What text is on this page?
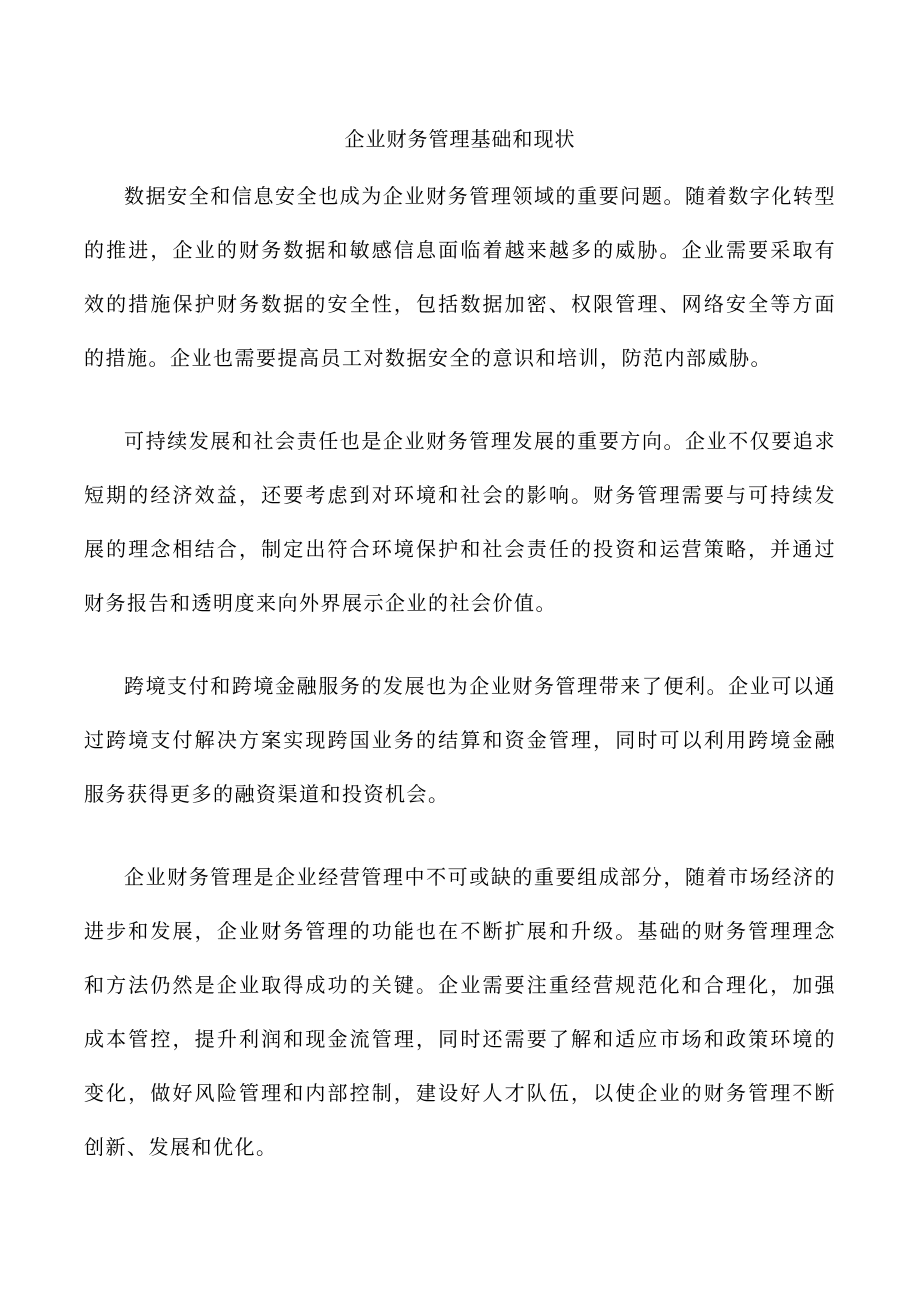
企业财务管理基础和现状

数据安全和信息安全也成为企业财务管理领域的重要问题。随着数字化转型的推进，企业的财务数据和敏感信息面临着越来越多的威胁。企业需要采取有效的措施保护财务数据的安全性，包括数据加密、权限管理、网络安全等方面的措施。企业也需要提高员工对数据安全的意识和培训，防范内部威胁。

可持续发展和社会责任也是企业财务管理发展的重要方向。企业不仅要追求短期的经济效益，还要考虑到对环境和社会的影响。财务管理需要与可持续发展的理念相结合，制定出符合环境保护和社会责任的投资和运营策略，并通过财务报告和透明度来向外界展示企业的社会价值。

跨境支付和跨境金融服务的发展也为企业财务管理带来了便利。企业可以通过跨境支付解决方案实现跨国业务的结算和资金管理，同时可以利用跨境金融服务获得更多的融资渠道和投资机会。

企业财务管理是企业经营管理中不可或缺的重要组成部分，随着市场经济的进步和发展，企业财务管理的功能也在不断扩展和升级。基础的财务管理理念和方法仍然是企业取得成功的关键。企业需要注重经营规范化和合理化，加强成本管控，提升利润和现金流管理，同时还需要了解和适应市场和政策环境的变化，做好风险管理和内部控制，建设好人才队伍，以使企业的财务管理不断创新、发展和优化。
